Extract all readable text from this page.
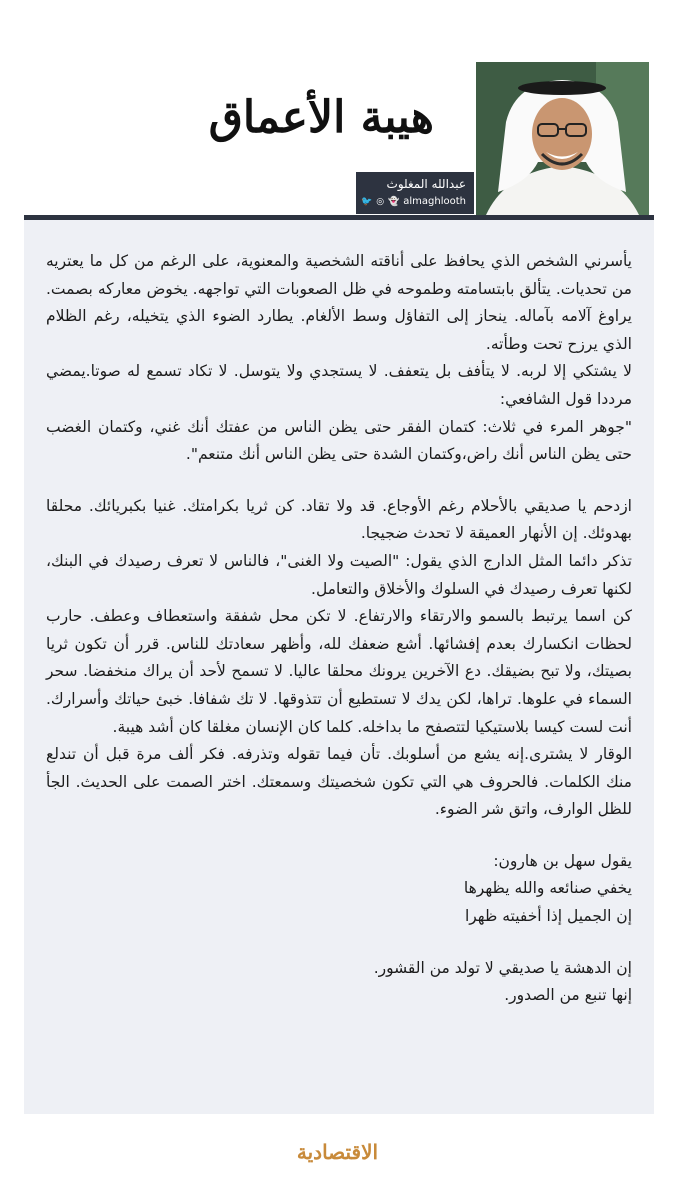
هيبة الأعماق
عبدالله المغلوث
almaghlooth
👻
◎
🐦

يأسرني الشخص الذي يحافظ على أناقته الشخصية والمعنوية، على الرغم من كل ما يعتريه من تحديات. يتألق بابتسامته وطموحه في ظل الصعوبات التي تواجهه. يخوض معاركه بصمت. يراوغ آلامه بآماله. ينحاز إلى التفاؤل وسط الألغام. يطارد الضوء الذي يتخيله، رغم الظلام الذي يرزح تحت وطأته.

لا يشتكي إلا لربه. لا يتأفف بل يتعفف. لا يستجدي ولا يتوسل. لا تكاد تسمع له صوتا.يمضي مرددا قول الشافعي:

"جوهر المرء في ثلاث: كتمان الفقر حتى يظن الناس من عفتك أنك غني، وكتمان الغضب حتى يظن الناس أنك راض،وكتمان الشدة حتى يظن الناس أنك متنعم".

ازدحم يا صديقي بالأحلام رغم الأوجاع. قد ولا تقاد. كن ثريا بكرامتك. غنيا بكبريائك. محلقا بهدوئك. إن الأنهار العميقة لا تحدث ضجيجا.

تذكر دائما المثل الدارج الذي يقول: "الصيت ولا الغنى"، فالناس لا تعرف رصيدك في البنك، لكنها تعرف رصيدك في السلوك والأخلاق والتعامل.

كن اسما يرتبط بالسمو والارتقاء والارتفاع. لا تكن محل شفقة واستعطاف وعطف. حارب لحظات انكسارك بعدم إفشائها. أشع ضعفك لله، وأظهر سعادتك للناس. قرر أن تكون ثريا بصيتك، ولا تبح بضيقك. دع الآخرين يرونك محلقا عاليا. لا تسمح لأحد أن يراك منخفضا. سحر السماء في علوها. تراها، لكن يدك لا تستطيع أن تتذوقها. لا تك شفافا. خبئ حياتك وأسرارك. أنت لست كيسا بلاستيكيا لتتصفح ما بداخله. كلما كان الإنسان مغلقا كان أشد هيبة.

الوقار لا يشترى.إنه يشع من أسلوبك. تأن فيما تقوله وتذرفه. فكر ألف مرة قبل أن تندلع منك الكلمات. فالحروف هي التي تكون شخصيتك وسمعتك. اختر الصمت على الحديث. الجأ للظل الوارف، واتق شر الضوء.

يقول سهل بن هارون:

يخفي صنائعه والله يظهرها

إن الجميل إذا أخفيته ظهرا

إن الدهشة يا صديقي لا تولد من القشور.

إنها تنبع من الصدور.

الاقتصادية
